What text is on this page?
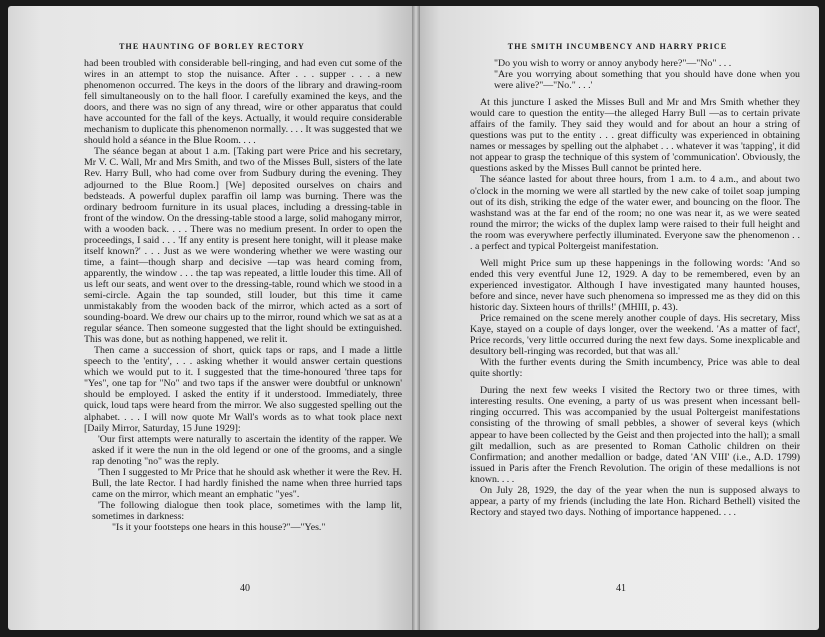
THE HAUNTING OF BORLEY RECTORY

had been troubled with considerable bell-ringing, and had even cut some of the wires in an attempt to stop the nuisance. After . . . supper . . . a new phenomenon occurred. The keys in the doors of the library and drawing-room fell simultaneously on to the hall floor. I carefully examined the keys, and the doors, and there was no sign of any thread, wire or other apparatus that could have accounted for the fall of the keys. Actually, it would require considerable mechanism to duplicate this phenomenon normally. . . . It was suggested that we should hold a séance in the Blue Room. . . .

The séance began at about 1 a.m. [Taking part were Price and his secretary, Mr V. C. Wall, Mr and Mrs Smith, and two of the Misses Bull, sisters of the late Rev. Harry Bull, who had come over from Sudbury during the evening. They adjourned to the Blue Room.] [We] deposited ourselves on chairs and bedsteads. A powerful duplex paraffin oil lamp was burning. There was the ordinary bedroom furniture in its usual places, including a dressing-table in front of the window. On the dressing-table stood a large, solid mahogany mirror, with a wooden back. . . . There was no medium present. In order to open the proceedings, I said . . . 'If any entity is present here tonight, will it please make itself known?' . . . Just as we were wondering whether we were wasting our time, a faint—though sharp and decisive —tap was heard coming from, apparently, the window . . . the tap was repeated, a little louder this time. All of us left our seats, and went over to the dressing-table, round which we stood in a semi-circle. Again the tap sounded, still louder, but this time it came unmistakably from the wooden back of the mirror, which acted as a sort of sounding-board. We drew our chairs up to the mirror, round which we sat as at a regular séance. Then someone suggested that the light should be extinguished. This was done, but as nothing happened, we relit it.

Then came a succession of short, quick taps or raps, and I made a little speech to the 'entity', . . . asking whether it would answer certain questions which we would put to it. I suggested that the time-honoured 'three taps for "Yes", one tap for "No" and two taps if the answer were doubtful or unknown' should be employed. I asked the entity if it understood. Immediately, three quick, loud taps were heard from the mirror. We also suggested spelling out the alphabet. . . . I will now quote Mr Wall's words as to what took place next [Daily Mirror, Saturday, 15 June 1929]:

'Our first attempts were naturally to ascertain the identity of the rapper. We asked if it were the nun in the old legend or one of the grooms, and a single rap denoting "no" was the reply.

'Then I suggested to Mr Price that he should ask whether it were the Rev. H. Bull, the late Rector. I had hardly finished the name when three hurried taps came on the mirror, which meant an emphatic "yes".

'The following dialogue then took place, sometimes with the lamp lit, sometimes in darkness:

"Is it your footsteps one hears in this house?"—"Yes."

40
THE SMITH INCUMBENCY AND HARRY PRICE

"Do you wish to worry or annoy anybody here?"—"No" . . .

"Are you worrying about something that you should have done when you were alive?"—"No." . . .'

At this juncture I asked the Misses Bull and Mr and Mrs Smith whether they would care to question the entity—the alleged Harry Bull —as to certain private affairs of the family. They said they would and for about an hour a string of questions was put to the entity . . . great difficulty was experienced in obtaining names or messages by spelling out the alphabet . . . whatever it was 'tapping', it did not appear to grasp the technique of this system of 'communication'. Obviously, the questions asked by the Misses Bull cannot be printed here.

The séance lasted for about three hours, from 1 a.m. to 4 a.m., and about two o'clock in the morning we were all startled by the new cake of toilet soap jumping out of its dish, striking the edge of the water ewer, and bouncing on the floor. The washstand was at the far end of the room; no one was near it, as we were seated round the mirror; the wicks of the duplex lamp were raised to their full height and the room was everywhere perfectly illuminated. Everyone saw the phenomenon . . . a perfect and typical Poltergeist manifestation.

Well might Price sum up these happenings in the following words: 'And so ended this very eventful June 12, 1929. A day to be remembered, even by an experienced investigator. Although I have investigated many haunted houses, before and since, never have such phenomena so impressed me as they did on this historic day. Sixteen hours of thrills!' (MHIII, p. 43).

Price remained on the scene merely another couple of days. His secretary, Miss Kaye, stayed on a couple of days longer, over the weekend. 'As a matter of fact', Price records, 'very little occurred during the next few days. Some inexplicable and desultory bell-ringing was recorded, but that was all.'

With the further events during the Smith incumbency, Price was able to deal quite shortly:

During the next few weeks I visited the Rectory two or three times, with interesting results. One evening, a party of us was present when incessant bell-ringing occurred. This was accompanied by the usual Poltergeist manifestations consisting of the throwing of small pebbles, a shower of several keys (which appear to have been collected by the Geist and then projected into the hall); a small gilt medallion, such as are presented to Roman Catholic children on their Confirmation; and another medallion or badge, dated 'AN VIII' (i.e., A.D. 1799) issued in Paris after the French Revolution. The origin of these medallions is not known. . . .

On July 28, 1929, the day of the year when the nun is supposed always to appear, a party of my friends (including the late Hon. Richard Bethell) visited the Rectory and stayed two days. Nothing of importance happened. . . .

41
